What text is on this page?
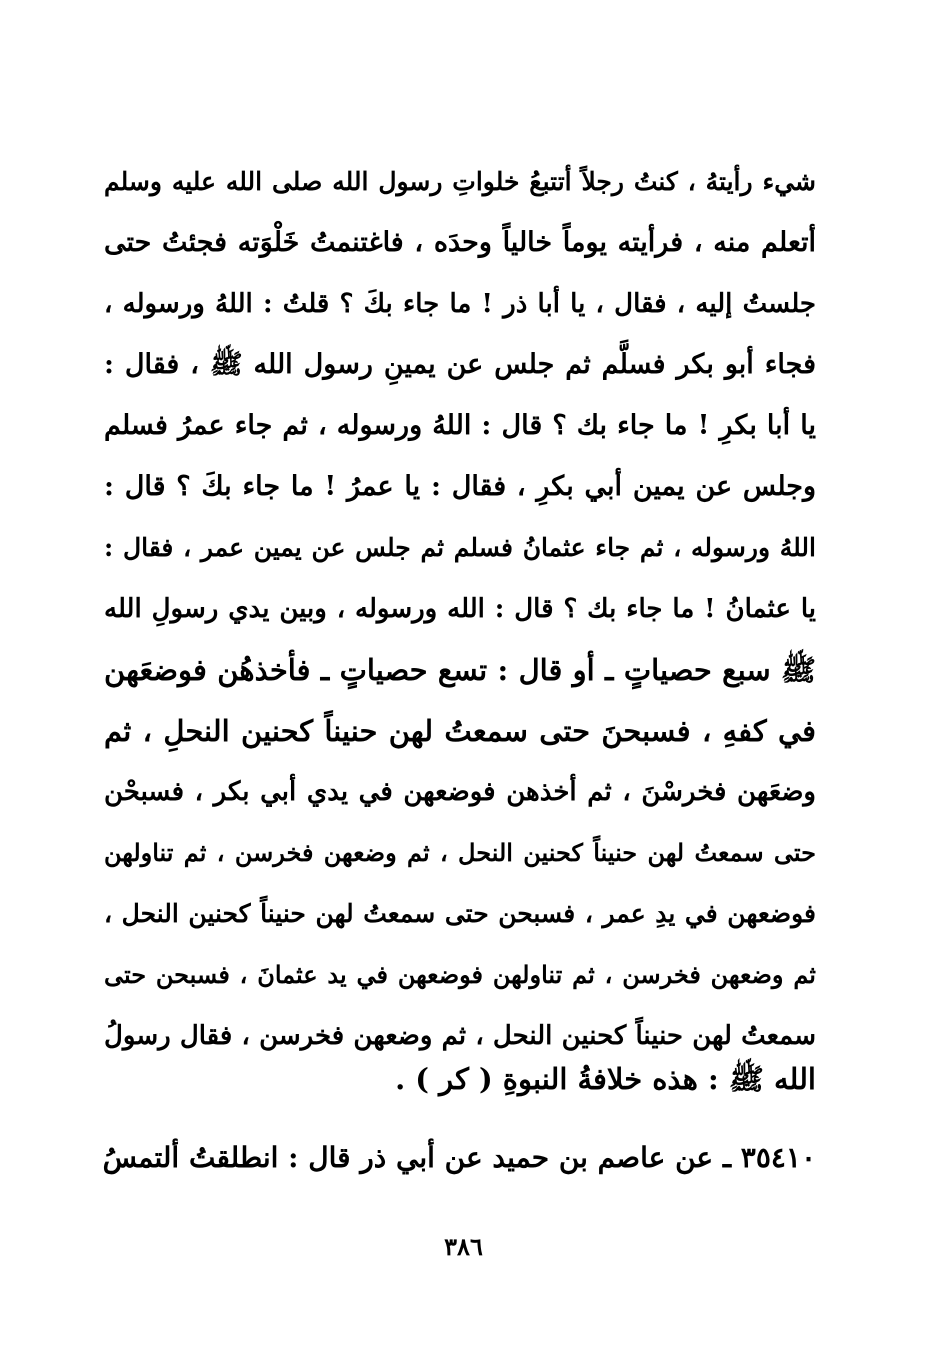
شيء رأيتهُ ، كنتُ رجلاً أتتبعُ خلواتِ رسول الله صلى الله عليه وسلم
أتعلم منه ، فرأيته يوماً خالياً وحدَه ، فاغتنمتُ خَلْوَته فجئتُ حتى
جلستُ إليه ، فقال ، يا أبا ذر ! ما جاء بكَ ؟ قلتُ : اللهُ ورسوله ،
فجاء أبو بكر فسلَّم ثم جلس عن يمينِ رسول الله ﷺ ، فقال :
يا أبا بكرِ ! ما جاء بك ؟ قال : اللهُ ورسوله ، ثم جاء عمرُ فسلم
وجلس عن يمين أبي بكرِ ، فقال : يا عمرُ ! ما جاء بكَ ؟ قال :
اللهُ ورسوله ، ثم جاء عثمانُ فسلم ثم جلس عن يمين عمر ، فقال :
يا عثمانُ ! ما جاء بك ؟ قال : الله ورسوله ، وبين يدي رسولِ الله
ﷺ سبع حصياتٍ ـ أو قال : تسع حصياتٍ ـ فأخذهُن فوضعَهن
في كفهِ ، فسبحنَ حتى سمعتُ لهن حنيناً كحنين النحلِ ، ثم
وضعَهن فخرسْنَ ، ثم أخذهن فوضعهن في يدي أبي بكر ، فسبحْن
حتى سمعتُ لهن حنيناً كحنين النحل ، ثم وضعهن فخرسن ، ثم تناولهن
فوضعهن في يدِ عمر ، فسبحن حتى سمعتُ لهن حنيناً كحنين النحل ،
ثم وضعهن فخرسن ، ثم تناولهن فوضعهن في يد عثمانَ ، فسبحن حتى
سمعتُ لهن حنيناً كحنين النحل ، ثم وضعهن فخرسن ، فقال رسولُ
الله ﷺ : هذه خلافةُ النبوةِ ( كر ) .
٣٥٤١٠ ـ عن عاصم بن حميد عن أبي ذر قال : انطلقتُ ألتمسُ
٣٨٦
